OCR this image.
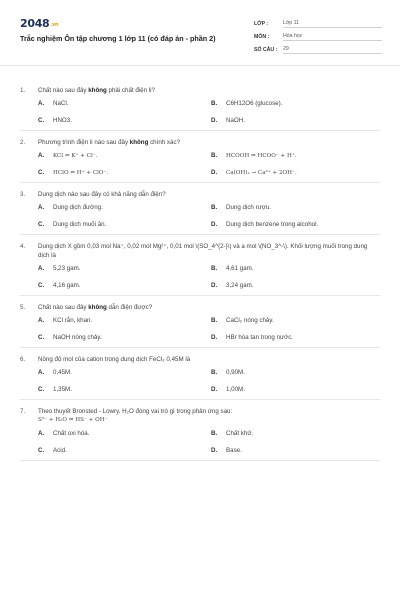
2048.vn
Trắc nghiệm Ôn tập chương 1 lớp 11 (có đáp án - phần 2)
LỚP :	Lớp 11
MÔN :	Hóa học
SỐ CÂU :	29
1. Chất nào sau đây không phải chất điện li?
A.	NaCl.	B.	C6H12O6 (glucose).
C.	HNO3.	D.	NaOH.
2. Phương trình điện li nào sau đây không chính xác?
A.	KCl ⇌ K⁺ + Cl⁻.	B.	HCOOH ⇌ HCOO⁻ + H⁺.
C.	HClO ⇌ H⁺ + ClO⁻.	D.	Ca(OH)₂ → Ca²⁺ + 2OH⁻.
3. Dung dịch nào sau đây có khả năng dẫn điện?
A.	Dung dịch đường.	B.	Dung dịch rượu.
C.	Dung dịch muối ăn.	D.	Dung dịch benzene trong alcohol.
4. Dung dịch X gồm 0,03 mol Na⁺, 0,02 mol Mg²⁺, 0,01 mol \(SO_4^{2-}\) và a mol \(NO_3^-\). Khối lượng muối trong dung dịch là
A.	5,23 gam.	B.	4,61 gam.
C.	4,16 gam.	D.	3,24 gam.
5. Chất nào sau đây không dẫn điện được?
A.	KCl rắn, khan.	B.	CaCl₂ nóng chảy.
C.	NaOH nóng chảy.	D.	HBr hòa tan trong nước.
6. Nồng độ mol của cation trong dung dịch FeCl₃ 0,45M là
A.	0,45M.	B.	0,90M.
C.	1,35M.	D.	1,00M.
7. Theo thuyết Bronsted - Lowry, H₂O đóng vai trò gì trong phản ứng sau:
S²⁻ + H₂O ⇌ HS⁻ + OH⁻
A.	Chất oxi hóa.	B.	Chất khử.
C.	Acid.	D.	Base.
